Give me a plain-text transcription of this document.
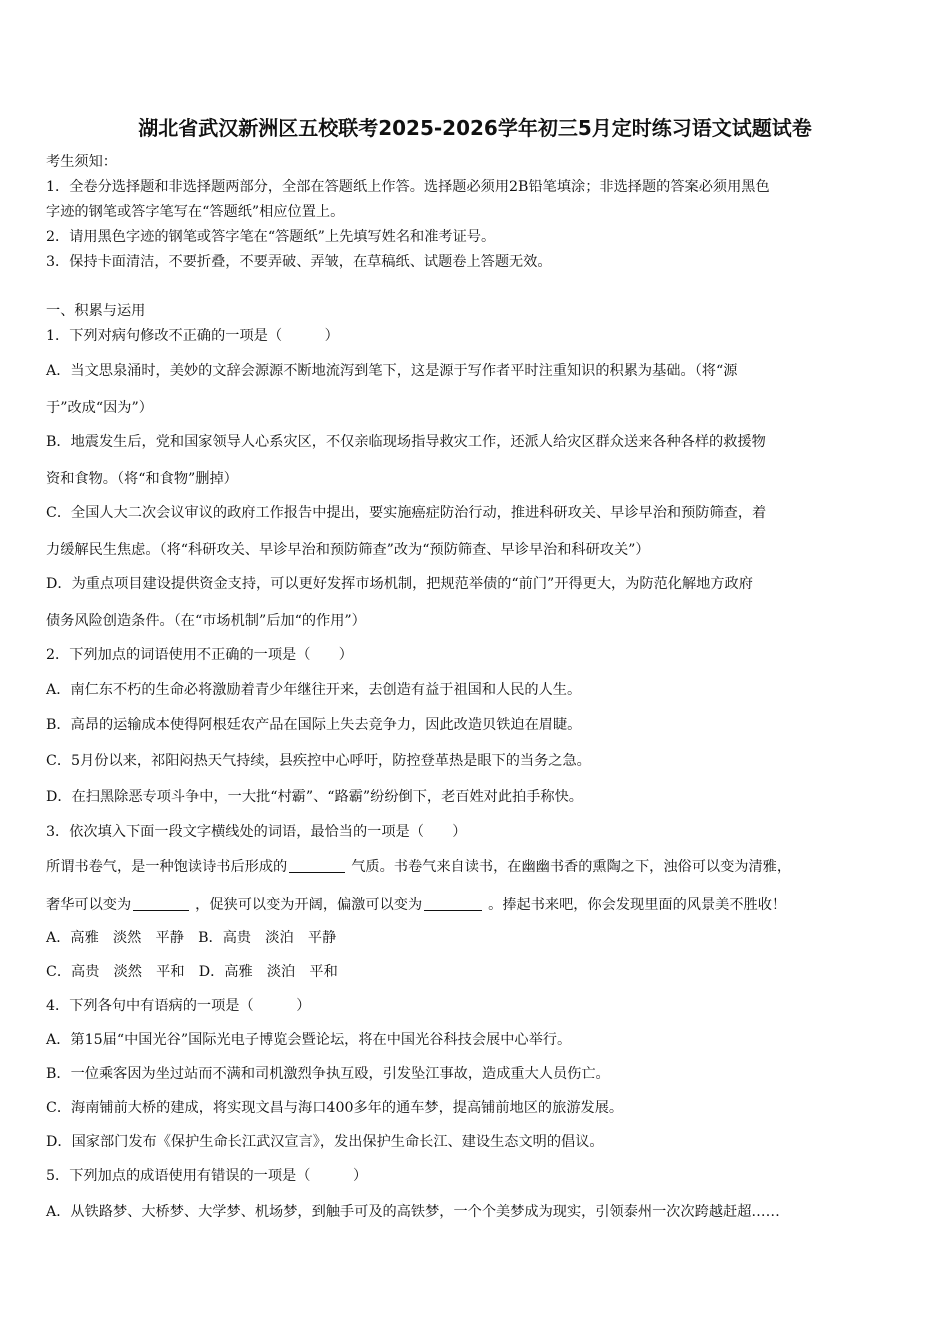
湖北省武汉新洲区五校联考2025-2026学年初三5月定时练习语文试题试卷
考生须知：
1．全卷分选择题和非选择题两部分，全部在答题纸上作答。选择题必须用2B铅笔填涂；非选择题的答案必须用黑色
字迹的钢笔或答字笔写在“答题纸”相应位置上。
2．请用黑色字迹的钢笔或答字笔在“答题纸”上先填写姓名和准考证号。
3．保持卡面清洁，不要折叠，不要弄破、弄皱，在草稿纸、试题卷上答题无效。
一、积累与运用
1．下列对病句修改不正确的一项是（　　　）
A．当文思泉涌时，美妙的文辞会源源不断地流泻到笔下，这是源于写作者平时注重知识的积累为基础。（将“源
于”改成“因为”）
B．地震发生后，党和国家领导人心系灾区，不仅亲临现场指导救灾工作，还派人给灾区群众送来各种各样的救援物
资和食物。（将“和食物”删掉）
C．全国人大二次会议审议的政府工作报告中提出，要实施癌症防治行动，推进科研攻关、早诊早治和预防筛查，着
力缓解民生焦虑。（将“科研攻关、早诊早治和预防筛查”改为“预防筛查、早诊早治和科研攻关”）
D．为重点项目建设提供资金支持，可以更好发挥市场机制，把规范举债的“前门”开得更大，为防范化解地方政府
债务风险创造条件。（在“市场机制”后加“的作用”）
2．下列加点的词语使用不正确的一项是（　　）
A．南仁东不朽的生命必将激励着青少年继往开来，去创造有益于祖国和人民的人生。
B．高昂的运输成本使得阿根廷农产品在国际上失去竞争力，因此改造贝铁迫在眉睫。
C．5月份以来，祁阳闷热天气持续，县疾控中心呼吁，防控登革热是眼下的当务之急。
D．在扫黑除恶专项斗争中，一大批“村霸”、“路霸”纷纷倒下，老百姓对此拍手称快。
3．依次填入下面一段文字横线处的词语，最恰当的一项是（　　）
所谓书卷气，是一种饱读诗书后形成的	气质。书卷气来自读书，在幽幽书香的熏陶之下，浊俗可以变为清雅，
奢华可以变为	，促狭可以变为开阔，偏激可以变为	。捧起书来吧，你会发现里面的风景美不胜收！
A．高雅　淡然　平静　B．高贵　淡泊　平静
C．高贵　淡然　平和　D．高雅　淡泊　平和
4．下列各句中有语病的一项是（　　　）
A．第15届“中国光谷”国际光电子博览会暨论坛，将在中国光谷科技会展中心举行。
B．一位乘客因为坐过站而不满和司机激烈争执互殴，引发坠江事故，造成重大人员伤亡。
C．海南铺前大桥的建成，将实现文昌与海口400多年的通车梦，提高铺前地区的旅游发展。
D．国家部门发布《保护生命长江武汉宣言》，发出保护生命长江、建设生态文明的倡议。
5．下列加点的成语使用有错误的一项是（　　　）
A．从铁路梦、大桥梦、大学梦、机场梦，到触手可及的高铁梦，一个个美梦成为现实，引领泰州一次次跨越赶超……
